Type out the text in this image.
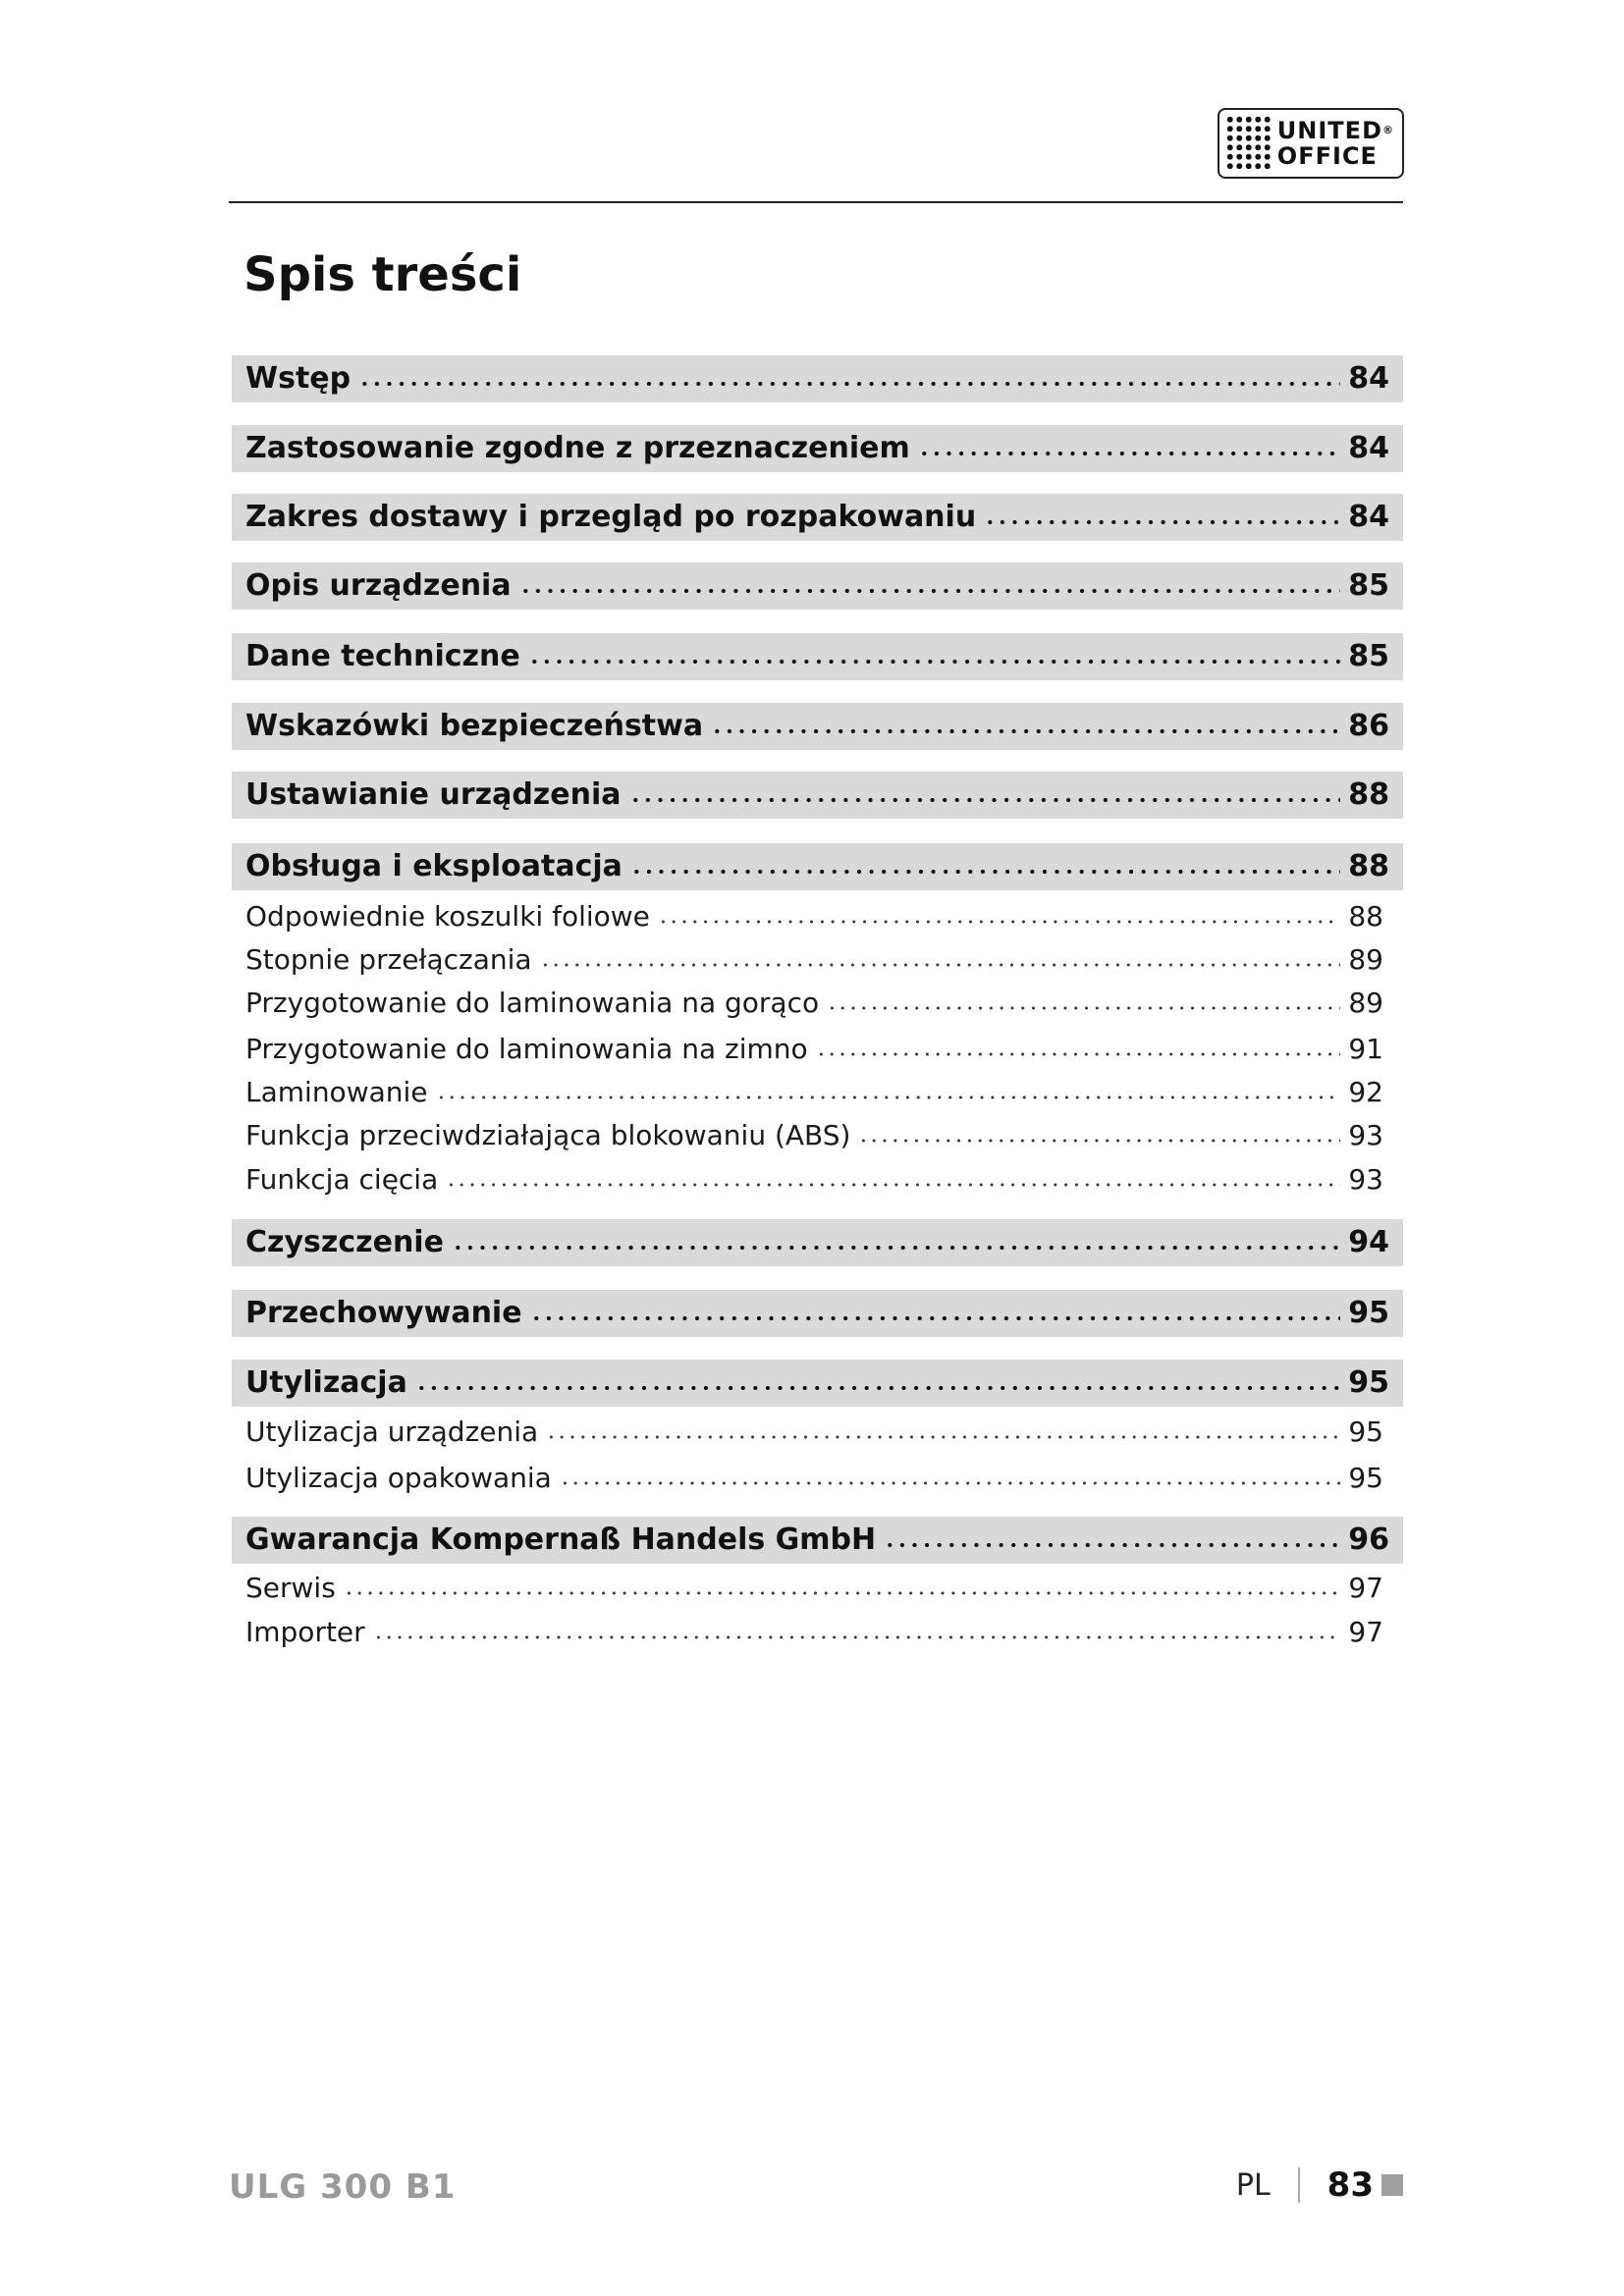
UNITED®
OFFICE
Spis treści
Wstęp	84
Zastosowanie zgodne z przeznaczeniem	84
Zakres dostawy i przegląd po rozpakowaniu	84
Opis urządzenia	85
Dane techniczne	85
Wskazówki bezpieczeństwa	86
Ustawianie urządzenia	88
Obsługa i eksploatacja	88
Odpowiednie koszulki foliowe	88
Stopnie przełączania	89
Przygotowanie do laminowania na gorąco	89
Przygotowanie do laminowania na zimno	91
Laminowanie	92
Funkcja przeciwdziałająca blokowaniu (ABS)	93
Funkcja cięcia	93
Czyszczenie	94
Przechowywanie	95
Utylizacja	95
Utylizacja urządzenia	95
Utylizacja opakowania	95
Gwarancja Kompernaß Handels GmbH	96
Serwis	97
Importer	97
ULG 300 B1	PL 83
